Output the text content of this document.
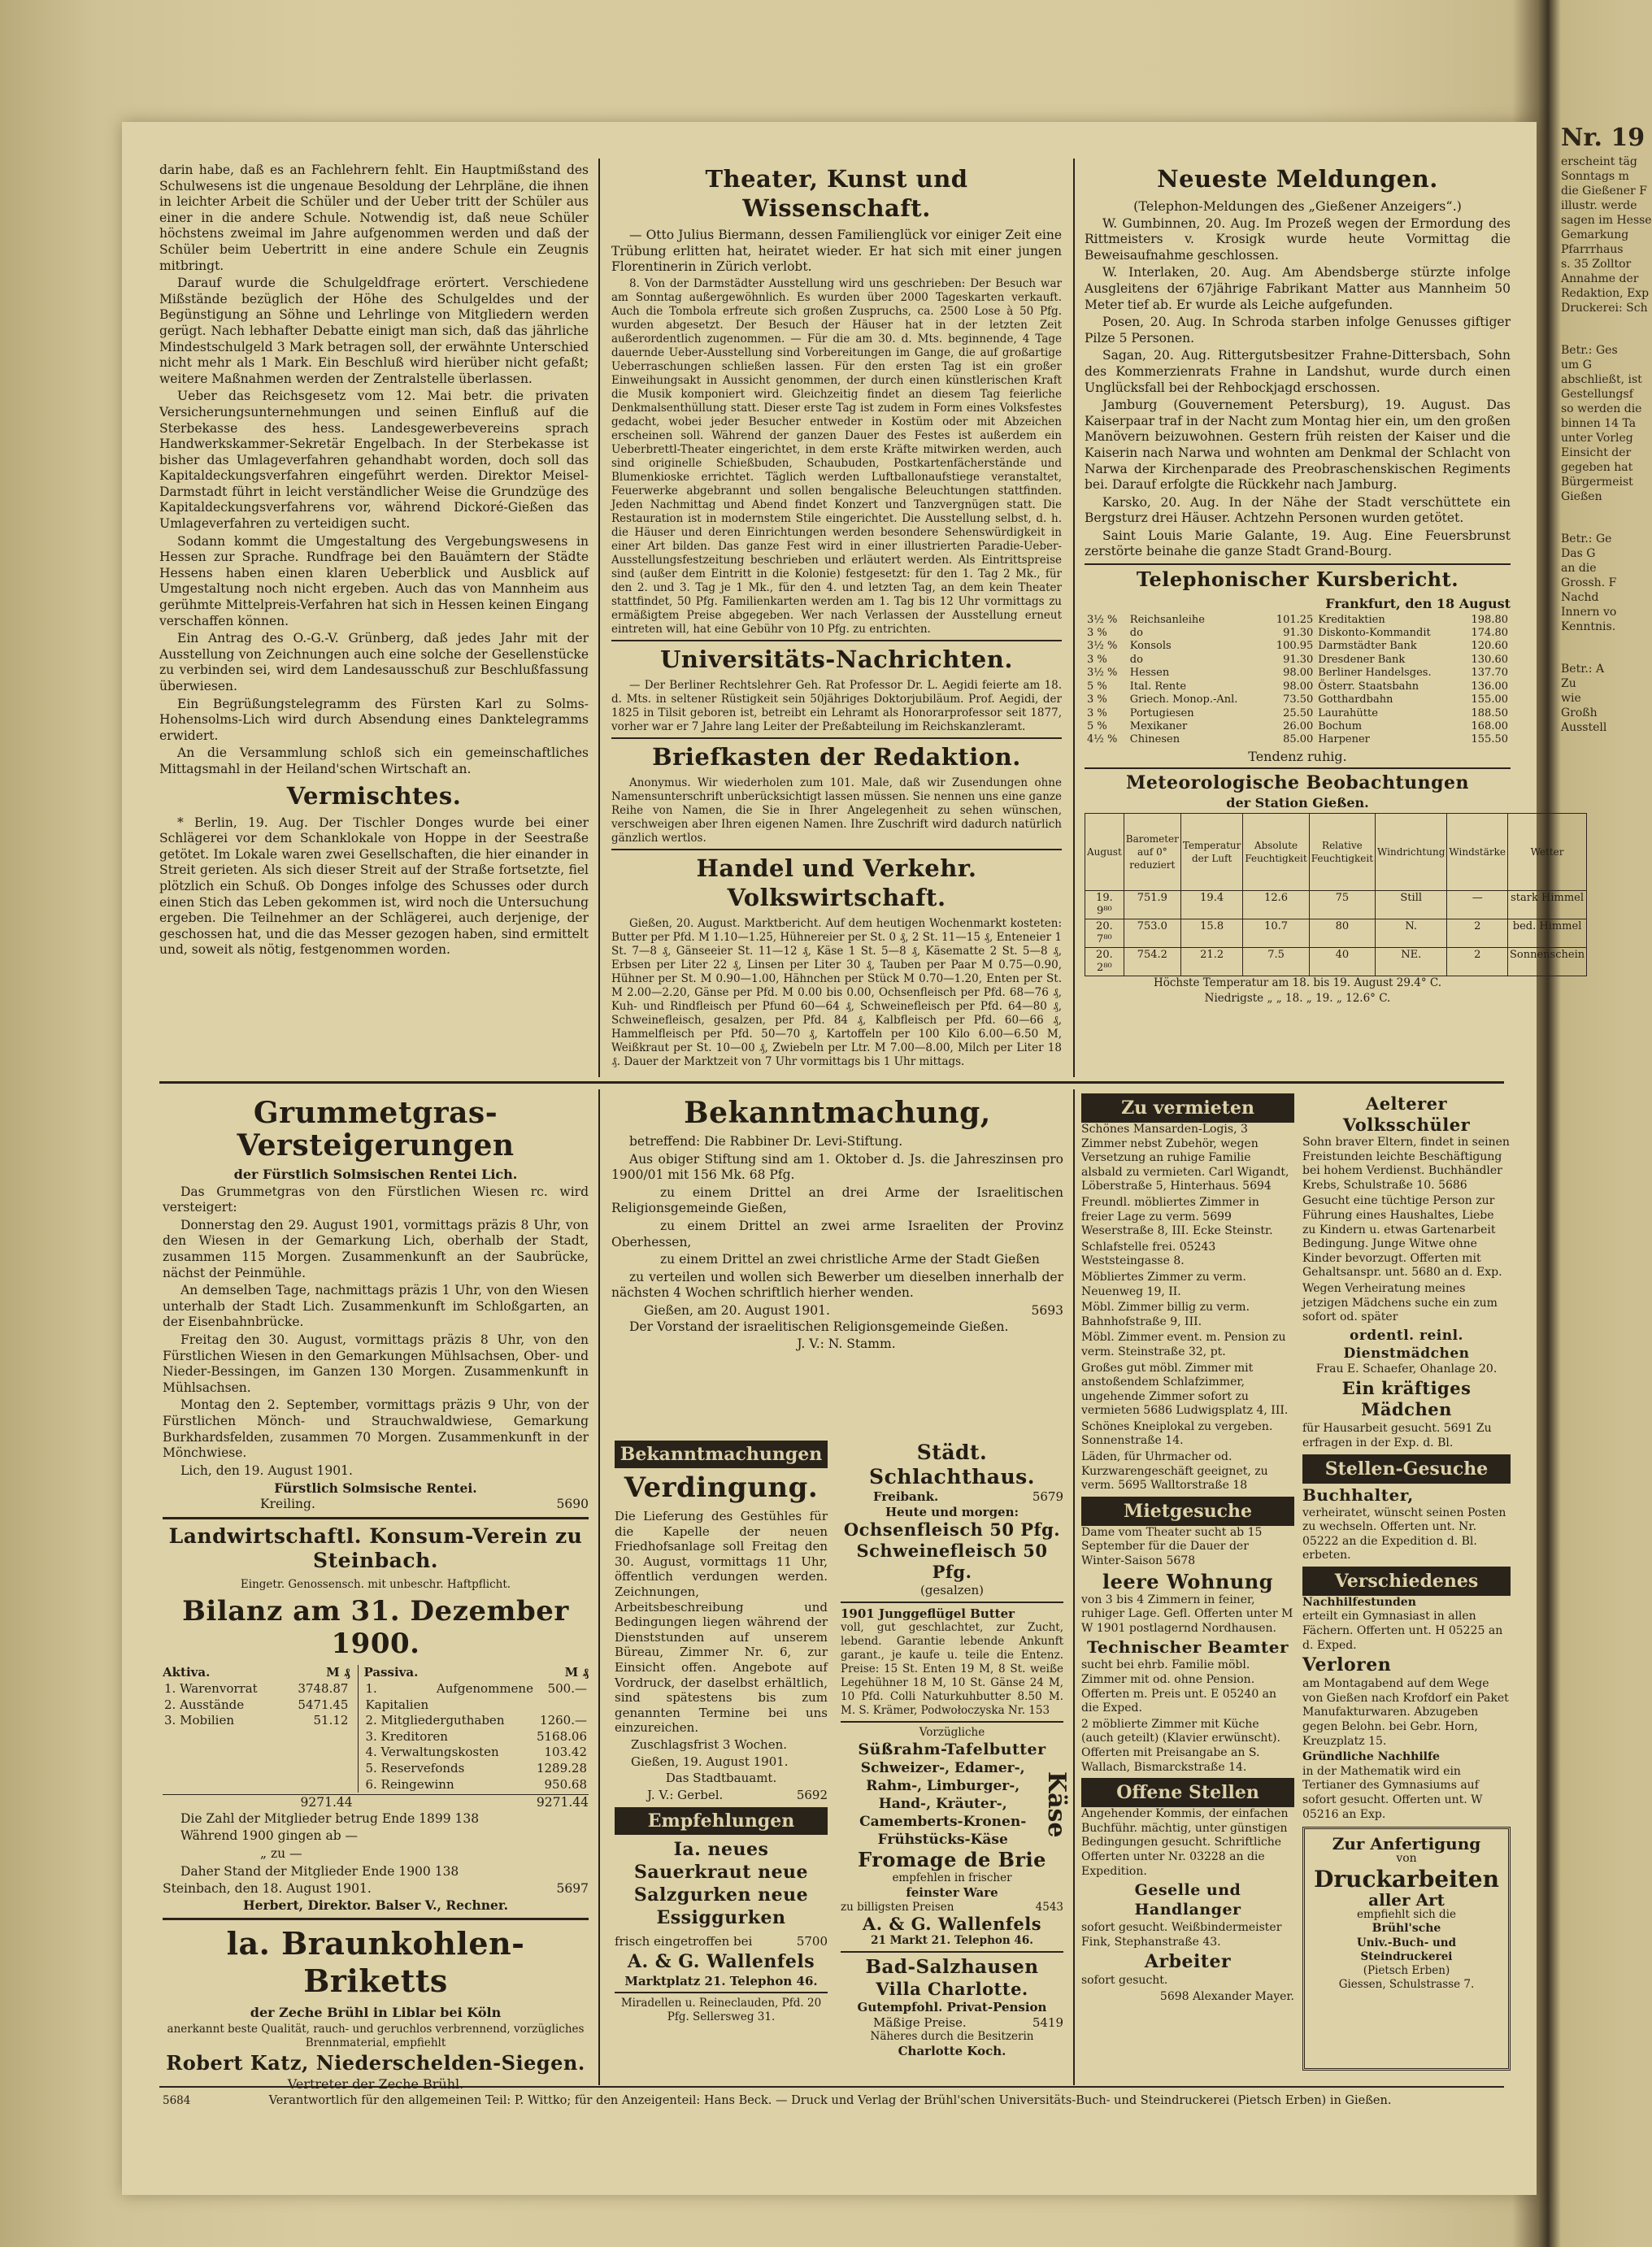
darin habe, daß es an Fachlehrern fehlt. Ein Hauptmißstand des Schulwesens ist die ungenaue Besoldung der Lehrpläne, die ihnen in leichter Arbeit die Schüler und der Ueber tritt der Schüler aus einer in die andere Schule. Notwendig ist, daß neue Schüler höchstens zweimal im Jahre aufgenommen werden und daß der Schüler beim Uebertritt in eine andere Schule ein Zeugnis mitbringt.

Darauf wurde die Schulgeldfrage erörtert. Verschiedene Mißstände bezüglich der Höhe des Schulgeldes und der Begünstigung an Söhne und Lehrlinge von Mitgliedern werden gerügt. Nach lebhafter Debatte einigt man sich, daß das jährliche Mindestschulgeld 3 Mark betragen soll, der erwähnte Unterschied nicht mehr als 1 Mark. Ein Beschluß wird hierüber nicht gefaßt; weitere Maßnahmen werden der Zentralstelle überlassen.

Ueber das Reichsgesetz vom 12. Mai betr. die privaten Versicherungsunternehmungen und seinen Einfluß auf die Sterbekasse des hess. Landesgewerbevereins sprach Handwerkskammer-Sekretär Engelbach. In der Sterbekasse ist bisher das Umlageverfahren gehandhabt worden, doch soll das Kapitaldeckungsverfahren eingeführt werden. Direktor Meisel-Darmstadt führt in leicht verständlicher Weise die Grundzüge des Kapitaldeckungsverfahrens vor, während Dickoré-Gießen das Umlageverfahren zu verteidigen sucht.

Sodann kommt die Umgestaltung des Vergebungswesens in Hessen zur Sprache. Rundfrage bei den Bauämtern der Städte Hessens haben einen klaren Ueberblick und Ausblick auf Umgestaltung noch nicht ergeben. Auch das von Mannheim aus gerühmte Mittelpreis-Verfahren hat sich in Hessen keinen Eingang verschaffen können.

Ein Antrag des O.-G.-V. Grünberg, daß jedes Jahr mit der Ausstellung von Zeichnungen auch eine solche der Gesellenstücke zu verbinden sei, wird dem Landesausschuß zur Beschlußfassung überwiesen.

Ein Begrüßungstelegramm des Fürsten Karl zu Solms-Hohensolms-Lich wird durch Absendung eines Danktelegramms erwidert.

An die Versammlung schloß sich ein gemeinschaftliches Mittagsmahl in der Heiland'schen Wirtschaft an.

Vermischtes.

* Berlin, 19. Aug. Der Tischler Donges wurde bei einer Schlägerei vor dem Schanklokale von Hoppe in der Seestraße getötet. Im Lokale waren zwei Gesellschaften, die hier einander in Streit gerieten. Als sich dieser Streit auf der Straße fortsetzte, fiel plötzlich ein Schuß. Ob Donges infolge des Schusses oder durch einen Stich das Leben gekommen ist, wird noch die Untersuchung ergeben. Die Teilnehmer an der Schlägerei, auch derjenige, der geschossen hat, und die das Messer gezogen haben, sind ermittelt und, soweit als nötig, festgenommen worden.

Theater, Kunst und Wissenschaft.

— Otto Julius Biermann, dessen Familienglück vor einiger Zeit eine Trübung erlitten hat, heiratet wieder. Er hat sich mit einer jungen Florentinerin in Zürich verlobt.

8. Von der Darmstädter Ausstellung wird uns geschrieben: Der Besuch war am Sonntag außergewöhnlich. Es wurden über 2000 Tageskarten verkauft. Auch die Tombola erfreute sich großen Zuspruchs, ca. 2500 Lose à 50 Pfg. wurden abgesetzt. Der Besuch der Häuser hat in der letzten Zeit außerordentlich zugenommen. — Für die am 30. d. Mts. beginnende, 4 Tage dauernde Ueber-Ausstellung sind Vorbereitungen im Gange, die auf großartige Ueberraschungen schließen lassen. Für den ersten Tag ist ein großer Einweihungsakt in Aussicht genommen, der durch einen künstlerischen Kraft die Musik komponiert wird. Gleichzeitig findet an diesem Tag feierliche Denkmalsenthüllung statt. Dieser erste Tag ist zudem in Form eines Volksfestes gedacht, wobei jeder Besucher entweder in Kostüm oder mit Abzeichen erscheinen soll. Während der ganzen Dauer des Festes ist außerdem ein Ueberbrettl-Theater eingerichtet, in dem erste Kräfte mitwirken werden, auch sind originelle Schießbuden, Schaubuden, Postkartenfächerstände und Blumenkioske errichtet. Täglich werden Luftballonaufstiege veranstaltet, Feuerwerke abgebrannt und sollen bengalische Beleuchtungen stattfinden. Jeden Nachmittag und Abend findet Konzert und Tanzvergnügen statt. Die Restauration ist in modernstem Stile eingerichtet. Die Ausstellung selbst, d. h. die Häuser und deren Einrichtungen werden besondere Sehenswürdigkeit in einer Art bilden. Das ganze Fest wird in einer illustrierten Paradie-Ueber-Ausstellungsfestzeitung beschrieben und erläutert werden. Als Eintrittspreise sind (außer dem Eintritt in die Kolonie) festgesetzt: für den 1. Tag 2 Mk., für den 2. und 3. Tag je 1 Mk., für den 4. und letzten Tag, an dem kein Theater stattfindet, 50 Pfg. Familienkarten werden am 1. Tag bis 12 Uhr vormittags zu ermäßigtem Preise abgegeben. Wer nach Verlassen der Ausstellung erneut eintreten will, hat eine Gebühr von 10 Pfg. zu entrichten.

Universitäts-Nachrichten.

— Der Berliner Rechtslehrer Geh. Rat Professor Dr. L. Aegidi feierte am 18. d. Mts. in seltener Rüstigkeit sein 50jähriges Doktorjubiläum. Prof. Aegidi, der 1825 in Tilsit geboren ist, betreibt ein Lehramt als Honorarprofessor seit 1877, vorher war er 7 Jahre lang Leiter der Preßabteilung im Reichskanzleramt.

Briefkasten der Redaktion.

Anonymus. Wir wiederholen zum 101. Male, daß wir Zusendungen ohne Namensunterschrift unberücksichtigt lassen müssen. Sie nennen uns eine ganze Reihe von Namen, die Sie in Ihrer Angelegenheit zu sehen wünschen, verschweigen aber Ihren eigenen Namen. Ihre Zuschrift wird dadurch natürlich gänzlich wertlos.

Handel und Verkehr. Volkswirtschaft.

Gießen, 20. August. Marktbericht. Auf dem heutigen Wochenmarkt kosteten: Butter per Pfd. M 1.10—1.25, Hühnereier per St. 0 ₰, 2 St. 11—15 ₰, Enteneier 1 St. 7—8 ₰, Gänseeier St. 11—12 ₰, Käse 1 St. 5—8 ₰, Käsematte 2 St. 5—8 ₰, Erbsen per Liter 22 ₰, Linsen per Liter 30 ₰, Tauben per Paar M 0.75—0.90, Hühner per St. M 0.90—1.00, Hähnchen per Stück M 0.70—1.20, Enten per St. M 2.00—2.20, Gänse per Pfd. M 0.00 bis 0.00, Ochsenfleisch per Pfd. 68—76 ₰, Kuh- und Rindfleisch per Pfund 60—64 ₰, Schweinefleisch per Pfd. 64—80 ₰, Schweinefleisch, gesalzen, per Pfd. 84 ₰, Kalbfleisch per Pfd. 60—66 ₰, Hammelfleisch per Pfd. 50—70 ₰, Kartoffeln per 100 Kilo 6.00—6.50 M, Weißkraut per St. 10—00 ₰, Zwiebeln per Ltr. M 7.00—8.00, Milch per Liter 18 ₰. Dauer der Marktzeit von 7 Uhr vormittags bis 1 Uhr mittags.

Neueste Meldungen.
(Telephon-Meldungen des „Gießener Anzeigers“.)

W. Gumbinnen, 20. Aug. Im Prozeß wegen der Ermordung des Rittmeisters v. Krosigk wurde heute Vormittag die Beweisaufnahme geschlossen.

W. Interlaken, 20. Aug. Am Abendsberge stürzte infolge Ausgleitens der 67jährige Fabrikant Matter aus Mannheim 50 Meter tief ab. Er wurde als Leiche aufgefunden.

Posen, 20. Aug. In Schroda starben infolge Genusses giftiger Pilze 5 Personen.

Sagan, 20. Aug. Rittergutsbesitzer Frahne-Dittersbach, Sohn des Kommerzienrats Frahne in Landshut, wurde durch einen Unglücksfall bei der Rehbockjagd erschossen.

Jamburg (Gouvernement Petersburg), 19. August. Das Kaiserpaar traf in der Nacht zum Montag hier ein, um den großen Manövern beizuwohnen. Gestern früh reisten der Kaiser und die Kaiserin nach Narwa und wohnten am Denkmal der Schlacht von Narwa der Kirchenparade des Preobraschenskischen Regiments bei. Darauf erfolgte die Rückkehr nach Jamburg.

Karsko, 20. Aug. In der Nähe der Stadt verschüttete ein Bergsturz drei Häuser. Achtzehn Personen wurden getötet.

Saint Louis Marie Galante, 19. Aug. Eine Feuersbrunst zerstörte beinahe die ganze Stadt Grand-Bourg.

Telephonischer Kursbericht.
Frankfurt, den 18 August
3½ %	Reichsanleihe	101.25	Kreditaktien	198.80
3 %	do	91.30	Diskonto-Kommandit	174.80
3½ %	Konsols	100.95	Darmstädter Bank	120.60
3 %	do	91.30	Dresdener Bank	130.60
3½ %	Hessen	98.00	Berliner Handelsges.	137.70
5 %	Ital. Rente	98.00	Österr. Staatsbahn	136.00
3 %	Griech. Monop.-Anl.	73.50	Gotthardbahn	155.00
3 %	Portugiesen	25.50	Laurahütte	188.50
5 %	Mexikaner	26.00	Bochum	168.00
4½ %	Chinesen	85.00	Harpener	155.50
Tendenz ruhig.
Meteorologische Beobachtungen
der Station Gießen.
August	Barometer auf 0° reduziert	Temperatur der Luft	Absolute Feuchtigkeit	Relative Feuchtigkeit	Windrichtung	Windstärke	Wetter
19. 9⁸⁰	751.9	19.4	12.6	75	Still	—	stark Himmel
20. 7⁸⁰	753.0	15.8	10.7	80	N.	2	bed. Himmel
20. 2⁸⁰	754.2	21.2	7.5	40	NE.	2	Sonnenschein

Höchste Temperatur am 18. bis 19. August 29.4° C.

Niedrigste „ „ 18. „ 19. „ 12.6° C.

Grummetgras-Versteigerungen
der Fürstlich Solmsischen Rentei Lich.

Das Grummetgras von den Fürstlichen Wiesen rc. wird versteigert:

Donnerstag den 29. August 1901, vormittags präzis 8 Uhr, von den Wiesen in der Gemarkung Lich, oberhalb der Stadt, zusammen 115 Morgen. Zusammenkunft an der Saubrücke, nächst der Peinmühle.

An demselben Tage, nachmittags präzis 1 Uhr, von den Wiesen unterhalb der Stadt Lich. Zusammenkunft im Schloßgarten, an der Eisenbahnbrücke.

Freitag den 30. August, vormittags präzis 8 Uhr, von den Fürstlichen Wiesen in den Gemarkungen Mühlsachsen, Ober- und Nieder-Bessingen, im Ganzen 130 Morgen. Zusammenkunft in Mühlsachsen.

Montag den 2. September, vormittags präzis 9 Uhr, von der Fürstlichen Mönch- und Strauchwaldwiese, Gemarkung Burkhardsfelden, zusammen 70 Morgen. Zusammenkunft in der Mönchwiese.

Lich, den 19. August 1901.

Fürstlich Solmsische Rentei.
Kreiling.	5690
Landwirtschaftl. Konsum-Verein zu Steinbach.
Eingetr. Genossensch. mit unbeschr. Haftpflicht.
Bilanz am 31. Dezember 1900.
Aktiva.	M ₰
1. Warenvorrat	3748.87
2. Ausstände	5471.45
3. Mobilien	51.12
Passiva.	M ₰
1. Aufgenommene Kapitalien	500.—
2. Mitgliederguthaben	1260.—
3. Kreditoren	5168.06
4. Verwaltungskosten	103.42
5. Reservefonds	1289.28
6. Reingewinn	950.68
9271.44	9271.44

Die Zahl der Mitglieder betrug Ende 1899 138

Während 1900 gingen ab —

„ zu —

Daher Stand der Mitglieder Ende 1900 138

Steinbach, den 18. August 1901.	5697
Herbert, Direktor. Balser V., Rechner.
la. Braunkohlen-Briketts
der Zeche Brühl in Liblar bei Köln

anerkannt beste Qualität, rauch- und geruchlos verbrennend, vorzügliches Brennmaterial, empfiehlt

Robert Katz, Niederschelden-Siegen.
Vertreter der Zeche Brühl.
5684
Bekanntmachung,

betreffend: Die Rabbiner Dr. Levi-Stiftung.

Aus obiger Stiftung sind am 1. Oktober d. Js. die Jahreszinsen pro 1900/01 mit 156 Mk. 68 Pfg.

zu einem Drittel an drei Arme der Israelitischen Religionsgemeinde Gießen,

zu einem Drittel an zwei arme Israeliten der Provinz Oberhessen,

zu einem Drittel an zwei christliche Arme der Stadt Gießen

zu verteilen und wollen sich Bewerber um dieselben innerhalb der nächsten 4 Wochen schriftlich hierher wenden.

Gießen, am 20. August 1901.	5693

Der Vorstand der israelitischen Religionsgemeinde Gießen.

J. V.: N. Stamm.

Bekanntmachungen
Verdingung.

Die Lieferung des Gestühles für die Kapelle der neuen Friedhofsanlage soll Freitag den 30. August, vormittags 11 Uhr, öffentlich verdungen werden. Zeichnungen, Arbeitsbeschreibung und Bedingungen liegen während der Dienststunden auf unserem Büreau, Zimmer Nr. 6, zur Einsicht offen. Angebote auf Vordruck, der daselbst erhältlich, sind spätestens bis zum genannten Termine bei uns einzureichen.

Zuschlagsfrist 3 Wochen.

Gießen, 19. August 1901.

Das Stadtbauamt.

J. V.: Gerbel.	5692
Empfehlungen
Ia. neues Sauerkraut neue Salzgurken neue Essiggurken
frisch eingetroffen bei	5700
A. & G. Wallenfels
Marktplatz 21. Telephon 46.
Miradellen u. Reineclauden, Pfd. 20 Pfg. Sellersweg 31.
Städt. Schlachthaus.
Freibank.	5679
Heute und morgen:
Ochsenfleisch 50 Pfg.
Schweinefleisch 50 Pfg.
(gesalzen)
1901 Junggeflügel Butter

voll, gut geschlachtet, zur Zucht, lebend. Garantie lebende Ankunft garant., je kaufe u. teile die Entenz. Preise: 15 St. Enten 19 M, 8 St. weiße Legehühner 18 M, 10 St. Gänse 24 M, 10 Pfd. Colli Naturkuhbutter 8.50 M. M. S. Krämer, Podwołoczyska Nr. 153

Vorzügliche
Süßrahm-Tafelbutter
Schweizer-, Edamer-, Rahm-, Limburger-, Hand-, Kräuter-, Camemberts-Kronen-Frühstücks-Käse
Käse
Fromage de Brie
empfehlen in frischer
feinster Ware
zu billigsten Preisen	4543
A. & G. Wallenfels
21 Markt 21. Telephon 46.
Bad-Salzhausen
Villa Charlotte.
Gutempfohl. Privat-Pension
Mäßige Preise.	5419
Näheres durch die Besitzerin
Charlotte Koch.
Zu vermieten

Schönes Mansarden-Logis, 3 Zimmer nebst Zubehör, wegen Versetzung an ruhige Familie alsbald zu vermieten. Carl Wigandt, Löberstraße 5, Hinterhaus. 5694

Freundl. möbliertes Zimmer in freier Lage zu verm. 5699 Weserstraße 8, III. Ecke Steinstr.

Schlafstelle frei. 05243 Weststeingasse 8.

Möbliertes Zimmer zu verm. Neuenweg 19, II.

Möbl. Zimmer billig zu verm. Bahnhofstraße 9, III.

Möbl. Zimmer event. m. Pension zu verm. Steinstraße 32, pt.

Großes gut möbl. Zimmer mit anstoßendem Schlafzimmer, ungehende Zimmer sofort zu vermieten 5686 Ludwigsplatz 4, III.

Schönes Kneiplokal zu vergeben. Sonnenstraße 14.

Läden, für Uhrmacher od. Kurzwarengeschäft geeignet, zu verm. 5695 Walltorstraße 18

Mietgesuche

Dame vom Theater sucht ab 15 September für die Dauer der Winter-Saison 5678

leere Wohnung

von 3 bis 4 Zimmern in feiner, ruhiger Lage. Gefl. Offerten unter M W 1901 postlagernd Nordhausen.

Technischer Beamter

sucht bei ehrb. Familie möbl. Zimmer mit od. ohne Pension. Offerten m. Preis unt. E 05240 an die Exped.

2 möblierte Zimmer mit Küche (auch geteilt) (Klavier erwünscht). Offerten mit Preisangabe an S. Wallach, Bismarckstraße 14.

Offene Stellen

Angehender Kommis, der einfachen Buchführ. mächtig, unter günstigen Bedingungen gesucht. Schriftliche Offerten unter Nr. 03228 an die Expedition.

Geselle und Handlanger

sofort gesucht. Weißbindermeister Fink, Stephanstraße 43.

Arbeiter

sofort gesucht.

5698 Alexander Mayer.

Aelterer Volksschüler

Sohn braver Eltern, findet in seinen Freistunden leichte Beschäftigung bei hohem Verdienst. Buchhändler Krebs, Schulstraße 10. 5686

Gesucht eine tüchtige Person zur Führung eines Haushaltes, Liebe zu Kindern u. etwas Gartenarbeit Bedingung. Junge Witwe ohne Kinder bevorzugt. Offerten mit Gehaltsanspr. unt. 5680 an d. Exp.

Wegen Verheiratung meines jetzigen Mädchens suche ein zum sofort od. später

ordentl. reinl. Dienstmädchen

Frau E. Schaefer, Ohanlage 20.

Ein kräftiges Mädchen

für Hausarbeit gesucht. 5691 Zu erfragen in der Exp. d. Bl.

Stellen-Gesuche
Buchhalter,

verheiratet, wünscht seinen Posten zu wechseln. Offerten unt. Nr. 05222 an die Expedition d. Bl. erbeten.

Verschiedenes
Nachhilfestunden

erteilt ein Gymnasiast in allen Fächern. Offerten unt. H 05225 an d. Exped.

Verloren

am Montagabend auf dem Wege von Gießen nach Krofdorf ein Paket Manufakturwaren. Abzugeben gegen Belohn. bei Gebr. Horn, Kreuzplatz 15.

Gründliche Nachhilfe

in der Mathematik wird ein Tertianer des Gymnasiums auf sofort gesucht. Offerten unt. W 05216 an Exp.

Zur Anfertigung
von
Druckarbeiten
aller Art
empfiehlt sich die
Brühl'sche
Univ.-Buch- und Steindruckerei
(Pietsch Erben)
Giessen, Schulstrasse 7.
Verantwortlich für den allgemeinen Teil: P. Wittko; für den Anzeigenteil: Hans Beck. — Druck und Verlag der Brühl'schen Universitäts-Buch- und Steindruckerei (Pietsch Erben) in Gießen.
Nr. 19
erscheint täg
Sonntags m
die Gießener F
illustr. werde
sagen im Hesse
Gemarkung
Pfarrrhaus
s. 35 Zolltor
Annahme der
Redaktion, Exp
Druckerei: Sch
Betr.: Ges
um G
abschließt, ist
Gestellungsf
so werden die
binnen 14 Ta
unter Vorleg
Einsicht der
gegeben hat
Bürgermeist
Gießen
Betr.: Ge
Das G
an die
Grossh. F
Nachd
Innern vo
Kenntnis.
Betr.: A
Zu
wie
Großh
Ausstell
